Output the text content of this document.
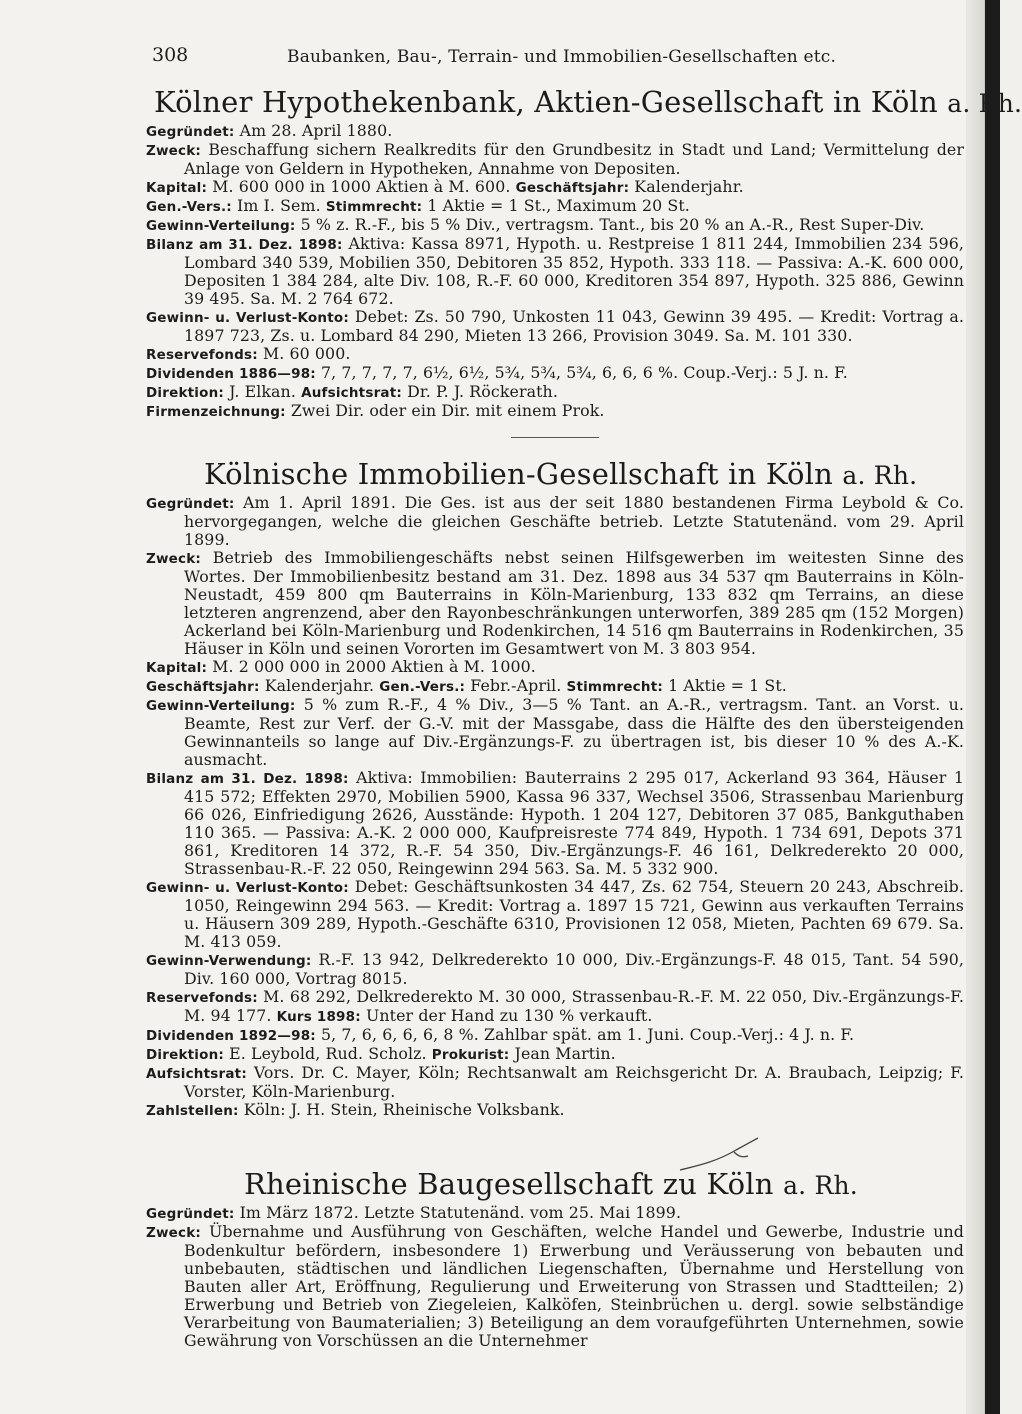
308	Baubanken, Bau-, Terrain- und Immobilien-Gesellschaften etc.
Kölner Hypothekenbank, Aktien-Gesellschaft in Köln a. Rh.
Gegründet: Am 28. April 1880.
Zweck: Beschaffung sichern Realkredits für den Grundbesitz in Stadt und Land; Vermittelung der Anlage von Geldern in Hypotheken, Annahme von Depositen.
Kapital: M. 600 000 in 1000 Aktien à M. 600. Geschäftsjahr: Kalenderjahr.
Gen.-Vers.: Im I. Sem. Stimmrecht: 1 Aktie = 1 St., Maximum 20 St.
Gewinn-Verteilung: 5 % z. R.-F., bis 5 % Div., vertragsm. Tant., bis 20 % an A.-R., Rest Super-Div.
Bilanz am 31. Dez. 1898: Aktiva: Kassa 8971, Hypoth. u. Restpreise 1 811 244, Immobilien 234 596, Lombard 340 539, Mobilien 350, Debitoren 35 852, Hypoth. 333 118. — Passiva: A.-K. 600 000, Depositen 1 384 284, alte Div. 108, R.-F. 60 000, Kreditoren 354 897, Hypoth. 325 886, Gewinn 39 495. Sa. M. 2 764 672.
Gewinn- u. Verlust-Konto: Debet: Zs. 50 790, Unkosten 11 043, Gewinn 39 495. — Kredit: Vortrag a. 1897 723, Zs. u. Lombard 84 290, Mieten 13 266, Provision 3049. Sa. M. 101 330.
Reservefonds: M. 60 000.
Dividenden 1886—98: 7, 7, 7, 7, 7, 6½, 6½, 5¾, 5¾, 5¾, 6, 6, 6 %. Coup.-Verj.: 5 J. n. F.
Direktion: J. Elkan. Aufsichtsrat: Dr. P. J. Röckerath.
Firmenzeichnung: Zwei Dir. oder ein Dir. mit einem Prok.
Kölnische Immobilien-Gesellschaft in Köln a. Rh.
Gegründet: Am 1. April 1891. Die Ges. ist aus der seit 1880 bestandenen Firma Leybold & Co. hervorgegangen, welche die gleichen Geschäfte betrieb. Letzte Statutenänd. vom 29. April 1899.
Zweck: Betrieb des Immobiliengeschäfts nebst seinen Hilfsgewerben im weitesten Sinne des Wortes. Der Immobilienbesitz bestand am 31. Dez. 1898 aus 34 537 qm Bauterrains in Köln-Neustadt, 459 800 qm Bauterrains in Köln-Marienburg, 133 832 qm Terrains, an diese letzteren angrenzend, aber den Rayonbeschränkungen unterworfen, 389 285 qm (152 Morgen) Ackerland bei Köln-Marienburg und Rodenkirchen, 14 516 qm Bauterrains in Rodenkirchen, 35 Häuser in Köln und seinen Vororten im Gesamtwert von M. 3 803 954.
Kapital: M. 2 000 000 in 2000 Aktien à M. 1000.
Geschäftsjahr: Kalenderjahr. Gen.-Vers.: Febr.-April. Stimmrecht: 1 Aktie = 1 St.
Gewinn-Verteilung: 5 % zum R.-F., 4 % Div., 3—5 % Tant. an A.-R., vertragsm. Tant. an Vorst. u. Beamte, Rest zur Verf. der G.-V. mit der Massgabe, dass die Hälfte des den übersteigenden Gewinnanteils so lange auf Div.-Ergänzungs-F. zu übertragen ist, bis dieser 10 % des A.-K. ausmacht.
Bilanz am 31. Dez. 1898: Aktiva: Immobilien: Bauterrains 2 295 017, Ackerland 93 364, Häuser 1 415 572; Effekten 2970, Mobilien 5900, Kassa 96 337, Wechsel 3506, Strassenbau Marienburg 66 026, Einfriedigung 2626, Ausstände: Hypoth. 1 204 127, Debitoren 37 085, Bankguthaben 110 365. — Passiva: A.-K. 2 000 000, Kaufpreisreste 774 849, Hypoth. 1 734 691, Depots 371 861, Kreditoren 14 372, R.-F. 54 350, Div.-Ergänzungs-F. 46 161, Delkrederekto 20 000, Strassenbau-R.-F. 22 050, Reingewinn 294 563. Sa. M. 5 332 900.
Gewinn- u. Verlust-Konto: Debet: Geschäftsunkosten 34 447, Zs. 62 754, Steuern 20 243, Abschreib. 1050, Reingewinn 294 563. — Kredit: Vortrag a. 1897 15 721, Gewinn aus verkauften Terrains u. Häusern 309 289, Hypoth.-Geschäfte 6310, Provisionen 12 058, Mieten, Pachten 69 679. Sa. M. 413 059.
Gewinn-Verwendung: R.-F. 13 942, Delkrederekto 10 000, Div.-Ergänzungs-F. 48 015, Tant. 54 590, Div. 160 000, Vortrag 8015.
Reservefonds: M. 68 292, Delkrederekto M. 30 000, Strassenbau-R.-F. M. 22 050, Div.-Ergänzungs-F. M. 94 177. Kurs 1898: Unter der Hand zu 130 % verkauft.
Dividenden 1892—98: 5, 7, 6, 6, 6, 6, 8 %. Zahlbar spät. am 1. Juni. Coup.-Verj.: 4 J. n. F.
Direktion: E. Leybold, Rud. Scholz. Prokurist: Jean Martin.
Aufsichtsrat: Vors. Dr. C. Mayer, Köln; Rechtsanwalt am Reichsgericht Dr. A. Braubach, Leipzig; F. Vorster, Köln-Marienburg.
Zahlstellen: Köln: J. H. Stein, Rheinische Volksbank.
Rheinische Baugesellschaft zu Köln a. Rh.
Gegründet: Im März 1872. Letzte Statutenänd. vom 25. Mai 1899.
Zweck: Übernahme und Ausführung von Geschäften, welche Handel und Gewerbe, Industrie und Bodenkultur befördern, insbesondere 1) Erwerbung und Veräusserung von bebauten und unbebauten, städtischen und ländlichen Liegenschaften, Übernahme und Herstellung von Bauten aller Art, Eröffnung, Regulierung und Erweiterung von Strassen und Stadtteilen; 2) Erwerbung und Betrieb von Ziegeleien, Kalköfen, Steinbrüchen u. dergl. sowie selbständige Verarbeitung von Baumaterialien; 3) Beteiligung an dem voraufgeführten Unternehmen, sowie Gewährung von Vorschüssen an die Unternehmer
